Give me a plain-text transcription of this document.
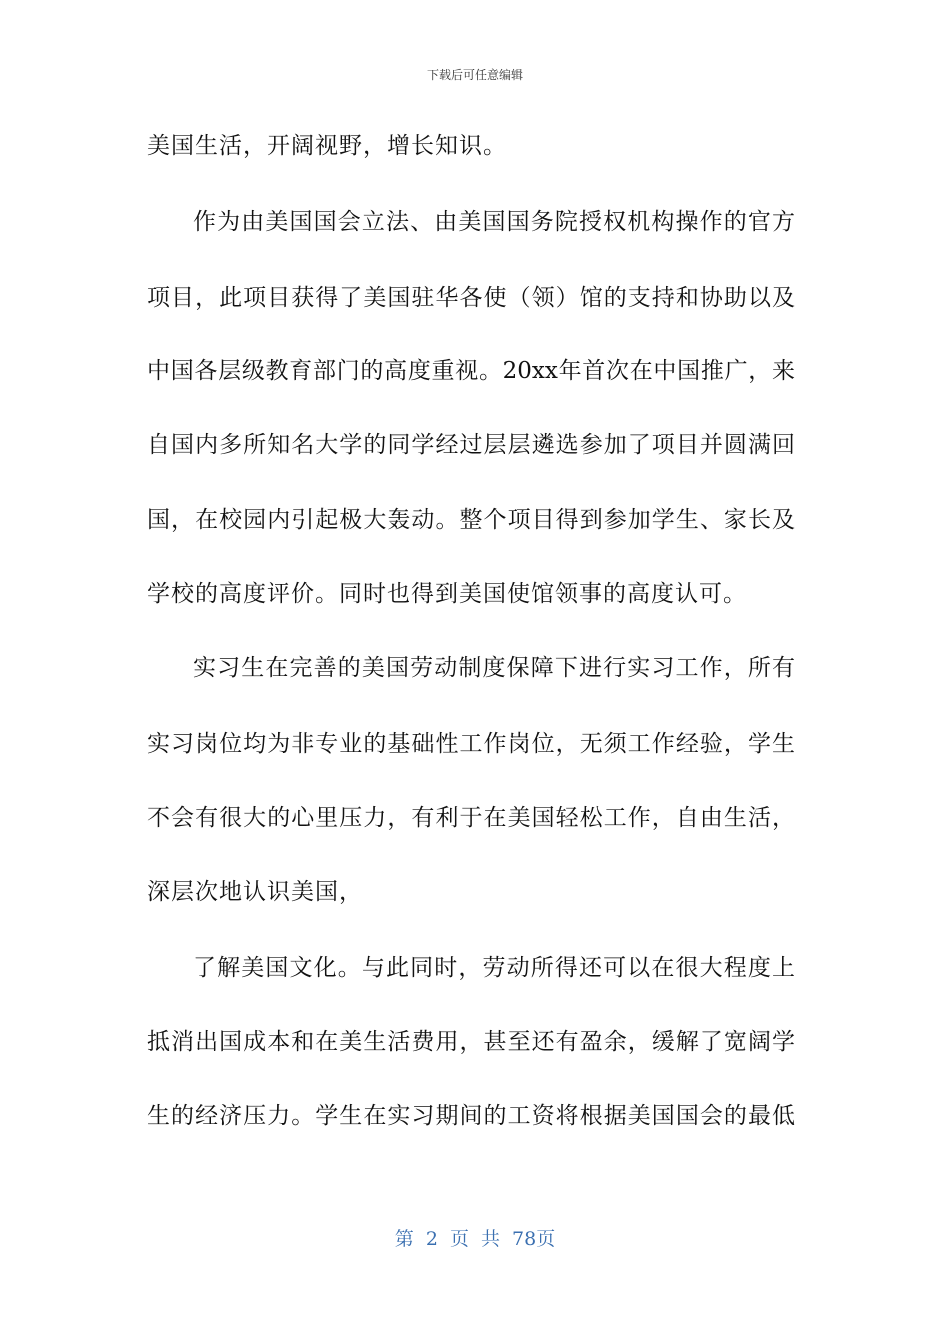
下载后可任意编辑
美国生活，开阔视野，增长知识。
作为由美国国会立法、由美国国务院授权机构操作的官方
项目，此项目获得了美国驻华各使（领）馆的支持和协助以及
中国各层级教育部门的高度重视。20xx年首次在中国推广，来
自国内多所知名大学的同学经过层层遴选参加了项目并圆满回
国，在校园内引起极大轰动。整个项目得到参加学生、家长及
学校的高度评价。同时也得到美国使馆领事的高度认可。
实习生在完善的美国劳动制度保障下进行实习工作，所有
实习岗位均为非专业的基础性工作岗位，无须工作经验，学生
不会有很大的心里压力，有利于在美国轻松工作，自由生活，
深层次地认识美国，
了解美国文化。与此同时，劳动所得还可以在很大程度上
抵消出国成本和在美生活费用，甚至还有盈余，缓解了宽阔学
生的经济压力。学生在实习期间的工资将根据美国国会的最低
第 2 页 共 78页
